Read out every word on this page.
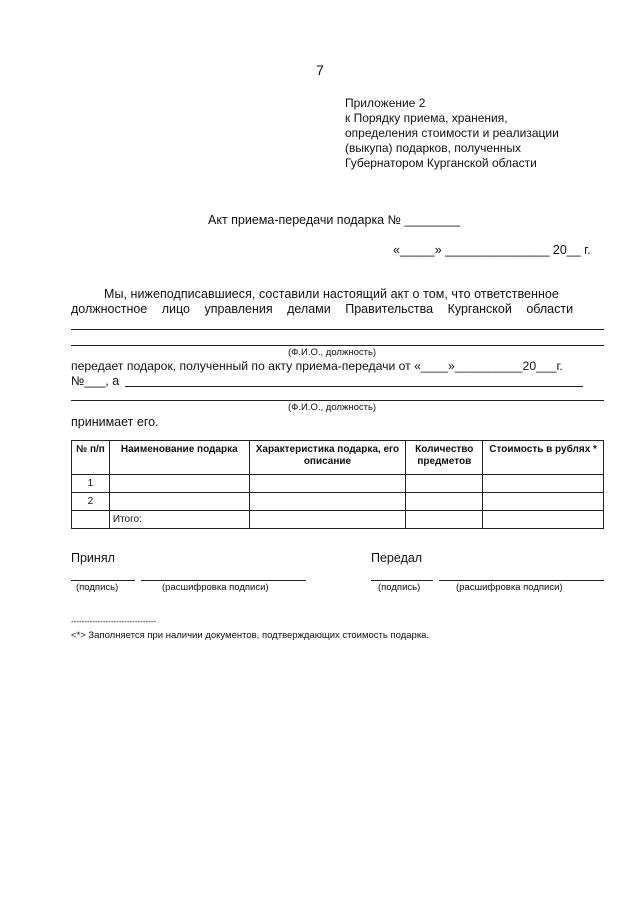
7
Приложение 2
к Порядку приема, хранения,
определения стоимости и реализации
(выкупа) подарков, полученных
Губернатором Курганской области
Акт приема-передачи подарка № ________
«_____» _______________ 20__ г.
Мы, нижеподписавшиеся, составили настоящий акт о том, что ответственное
должностное лицо управления делами Правительства Курганской области
(Ф.И.О., должность)
передает подарок, полученный по акту приема-передачи от «____»__________20___г.
№___, а
(Ф.И.О., должность)
принимает его.
№ п/п	Наименование подарка	Характеристика подарка, его описание	Количество предметов	Стоимость в рублях *
1				
2				
	Итого:			
Принял	Передал
(подпись)	(расшифровка подписи)	(подпись)	(расшифровка подписи)
--------------------------------
<*> Заполняется при наличии документов, подтверждающих стоимость подарка.
